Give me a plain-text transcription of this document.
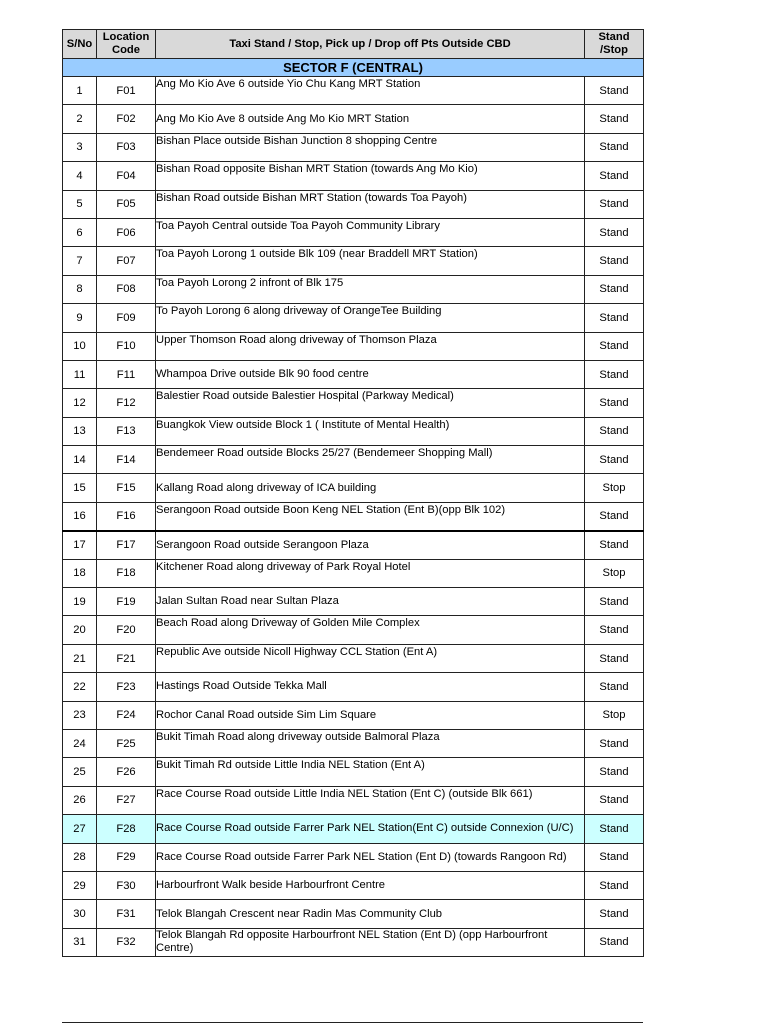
S/No	Location Code	Taxi Stand / Stop, Pick up / Drop off Pts Outside CBD	Stand /Stop
SECTOR F (CENTRAL)			
1	F01	Ang Mo Kio Ave 6 outside Yio Chu Kang MRT Station	Stand
2	F02	Ang Mo Kio Ave 8 outside Ang Mo Kio MRT Station	Stand
3	F03	Bishan Place outside Bishan Junction 8 shopping Centre	Stand
4	F04	Bishan Road opposite Bishan MRT Station (towards Ang Mo Kio)	Stand
5	F05	Bishan Road outside Bishan MRT Station (towards Toa Payoh)	Stand
6	F06	Toa Payoh Central outside Toa Payoh Community Library	Stand
7	F07	Toa Payoh Lorong 1 outside Blk 109 (near Braddell MRT Station)	Stand
8	F08	Toa Payoh Lorong 2 infront of Blk 175	Stand
9	F09	To Payoh Lorong 6 along driveway of OrangeTee Building	Stand
10	F10	Upper Thomson Road along driveway of Thomson Plaza	Stand
11	F11	Whampoa Drive outside Blk 90 food centre	Stand
12	F12	Balestier Road outside Balestier Hospital (Parkway Medical)	Stand
13	F13	Buangkok View outside Block 1 ( Institute of Mental Health)	Stand
14	F14	Bendemeer Road outside Blocks 25/27 (Bendemeer Shopping Mall)	Stand
15	F15	Kallang Road along driveway of ICA building	Stop
16	F16	Serangoon Road outside Boon Keng NEL Station (Ent B)(opp Blk 102)	Stand
17	F17	Serangoon Road outside Serangoon Plaza	Stand
18	F18	Kitchener Road along driveway of Park Royal Hotel	Stop
19	F19	Jalan Sultan Road near Sultan Plaza	Stand
20	F20	Beach Road along Driveway of Golden Mile Complex	Stand
21	F21	Republic Ave outside Nicoll Highway CCL Station (Ent A)	Stand
22	F23	Hastings Road Outside Tekka Mall	Stand
23	F24	Rochor Canal Road outside Sim Lim Square	Stop
24	F25	Bukit Timah Road along driveway outside Balmoral Plaza	Stand
25	F26	Bukit Timah Rd outside Little India NEL Station (Ent A)	Stand
26	F27	Race Course Road outside Little India NEL Station (Ent C) (outside Blk 661)	Stand
27	F28	Race Course Road outside Farrer Park NEL Station(Ent C) outside Connexion (U/C)	Stand
28	F29	Race Course Road outside Farrer Park NEL Station (Ent D) (towards Rangoon Rd)	Stand
29	F30	Harbourfront Walk beside Harbourfront Centre	Stand
30	F31	Telok Blangah Crescent near Radin Mas Community Club	Stand
31	F32	Telok Blangah Rd opposite Harbourfront NEL Station (Ent D) (opp Harbourfront Centre)	Stand
